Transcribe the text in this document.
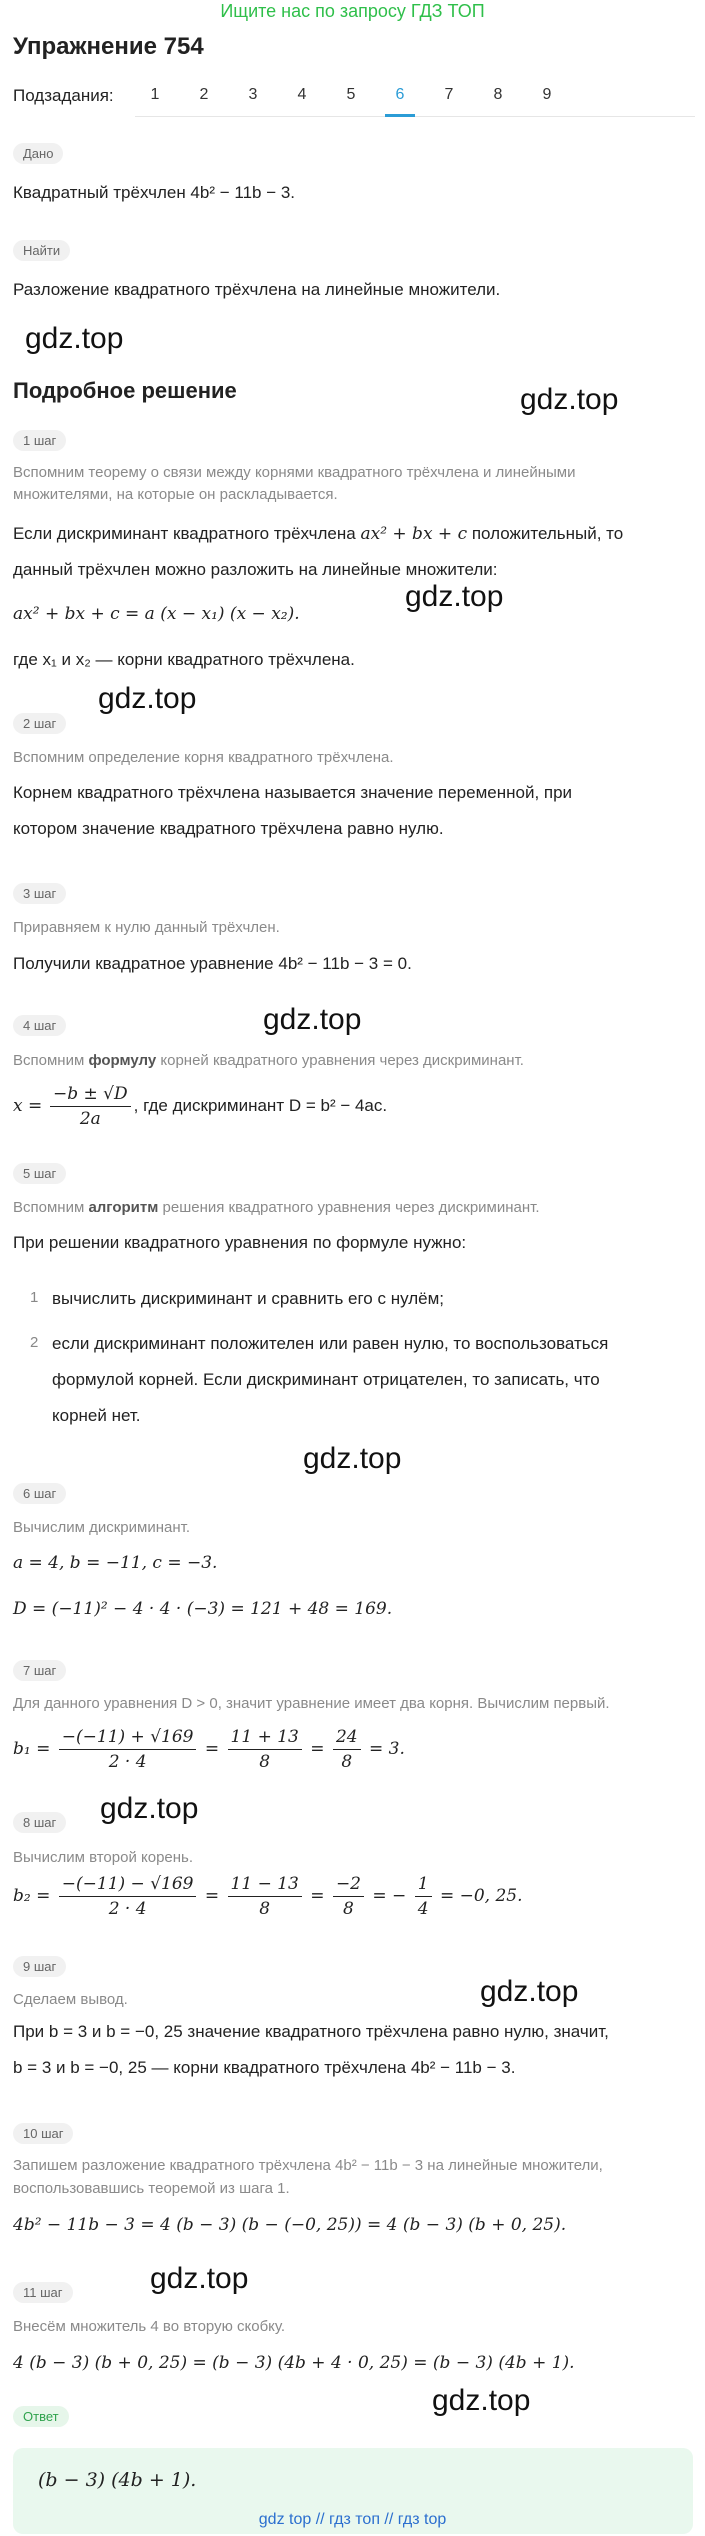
Ищите нас по запросу ГДЗ ТОП
Упражнение 754
Подзадания:	1	2	3	4	5	6	7	8	9
Дано
Квадратный трёхчлен 4b² − 11b − 3.
Найти
Разложение квадратного трёхчлена на линейные множители.
gdz.top
Подробное решение	gdz.top
1 шаг
Вспомним теорему о связи между корнями квадратного трёхчлена и линейными множителями, на которые он раскладывается.
Если дискриминант квадратного трёхчлена ax² + bx + c положительный, то
данный трёхчлен можно разложить на линейные множители:
ax² + bx + c = a (x − x₁) (x − x₂).
gdz.top
где x₁ и x₂ — корни квадратного трёхчлена.
gdz.top
2 шаг
Вспомним определение корня квадратного трёхчлена.
Корнем квадратного трёхчлена называется значение переменной, при
котором значение квадратного трёхчлена равно нулю.
3 шаг
Приравняем к нулю данный трёхчлен.
Получили квадратное уравнение 4b² − 11b − 3 = 0.
gdz.top
4 шаг
Вспомним формулу корней квадратного уравнения через дискриминант.
$x = \frac{-b \pm √D}{2a}$ , где дискриминант D = b² − 4ac.
5 шаг
Вспомним алгоритм решения квадратного уравнения через дискриминант.
При решении квадратного уравнения по формуле нужно:
1 вычислить дискриминант и сравнить его с нулём;
2 если дискриминант положителен или равен нулю, то воспользоваться
формулой корней. Если дискриминант отрицателен, то записать, что
корней нет.
gdz.top
6 шаг
Вычислим дискриминант.
a = 4, b = −11, c = −3.
D = (−11)² − 4 · 4 · (−3) = 121 + 48 = 169.
7 шаг
Для данного уравнения D > 0, значит уравнение имеет два корня. Вычислим первый.
$b_1 = \frac{-(-11) + √169}{2 \cdot 4} = \frac{11 + 13}{8} = \frac{24}{8} = 3$.
gdz.top
8 шаг
Вычислим второй корень.
$b_2 = \frac{-(-11) - √169}{2 \cdot 4} = \frac{11 - 13}{8} = \frac{-2}{8}$ = − $\frac{1}{4} = -0$, 25.
gdz.top
9 шаг
Сделаем вывод.
При b = 3 и b = −0, 25 значение квадратного трёхчлена равно нулю, значит,
b = 3 и b = −0, 25 — корни квадратного трёхчлена 4b² − 11b − 3.
10 шаг
Запишем разложение квадратного трёхчлена 4b² − 11b − 3 на линейные множители,
воспользовавшись теоремой из шага 1.
4b² − 11b − 3 = 4 (b − 3) (b − (−0, 25)) = 4 (b − 3) (b + 0, 25).
gdz.top
11 шаг
Внесём множитель 4 во вторую скобку.
4 (b − 3) (b + 0, 25) = (b − 3) (4b + 4 · 0, 25) = (b − 3) (4b + 1).
gdz.top
Ответ
(b − 3) (4b + 1).
gdz top // гдз топ // гдз top
